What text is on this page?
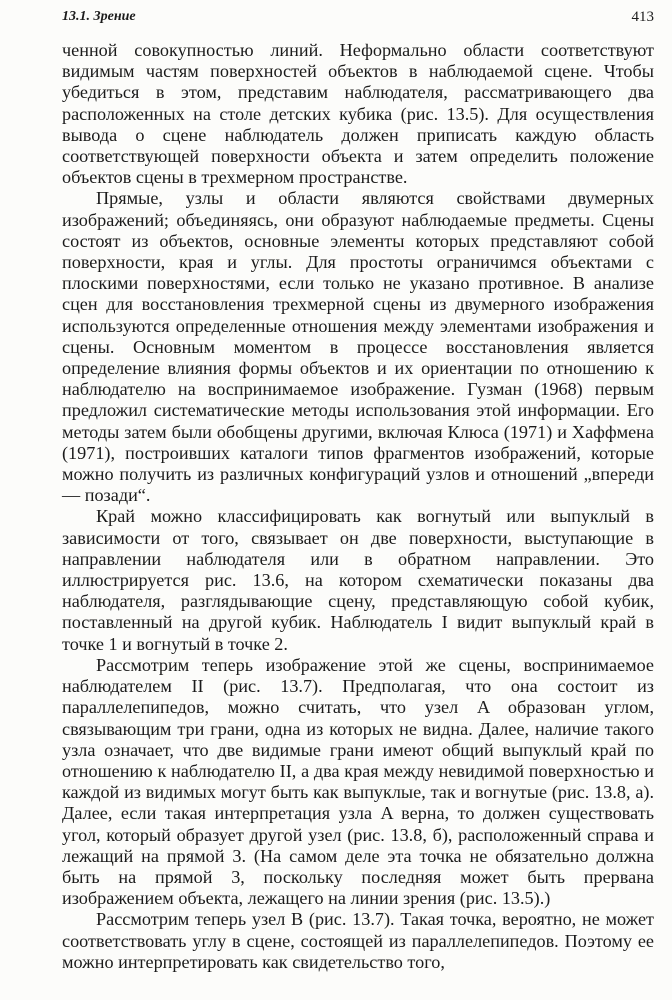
13.1. Зрение	413

ченной совокупностью линий. Неформально области соответствуют видимым частям поверхностей объектов в наблюдаемой сцене. Чтобы убедиться в этом, представим наблюдателя, рассматривающего два расположенных на столе детских кубика (рис. 13.5). Для осуществления вывода о сцене наблюдатель должен приписать каждую область соответствующей поверхности объекта и затем определить положение объектов сцены в трехмерном пространстве.

Прямые, узлы и области являются свойствами двумерных изображений; объединяясь, они образуют наблюдаемые предметы. Сцены состоят из объектов, основные элементы которых представляют собой поверхности, края и углы. Для простоты ограничимся объектами с плоскими поверхностями, если только не указано противное. В анализе сцен для восстановления трехмерной сцены из двумерного изображения используются определенные отношения между элементами изображения и сцены. Основным моментом в процессе восстановления является определение влияния формы объектов и их ориентации по отношению к наблюдателю на воспринимаемое изображение. Гузман (1968) первым предложил систематические методы использования этой информации. Его методы затем были обобщены другими, включая Клюса (1971) и Хаффмена (1971), построивших каталоги типов фрагментов изображений, которые можно получить из различных конфигураций узлов и отношений „впереди — позади“.

Край можно классифицировать как вогнутый или выпуклый в зависимости от того, связывает он две поверхности, выступающие в направлении наблюдателя или в обратном направлении. Это иллюстрируется рис. 13.6, на котором схематически показаны два наблюдателя, разглядывающие сцену, представляющую собой кубик, поставленный на другой кубик. Наблюдатель I видит выпуклый край в точке 1 и вогнутый в точке 2.

Рассмотрим теперь изображение этой же сцены, воспринимаемое наблюдателем II (рис. 13.7). Предполагая, что она состоит из параллелепипедов, можно считать, что узел A образован углом, связывающим три грани, одна из которых не видна. Далее, наличие такого узла означает, что две видимые грани имеют общий выпуклый край по отношению к наблюдателю II, а два края между невидимой поверхностью и каждой из видимых могут быть как выпуклые, так и вогнутые (рис. 13.8, а). Далее, если такая интерпретация узла A верна, то должен существовать угол, который образует другой узел (рис. 13.8, б), расположенный справа и лежащий на прямой 3. (На самом деле эта точка не обязательно должна быть на прямой 3, поскольку последняя может быть прервана изображением объекта, лежащего на линии зрения (рис. 13.5).)

Рассмотрим теперь узел B (рис. 13.7). Такая точка, вероятно, не может соответствовать углу в сцене, состоящей из параллелепипедов. Поэтому ее можно интерпретировать как свидетельство того,
